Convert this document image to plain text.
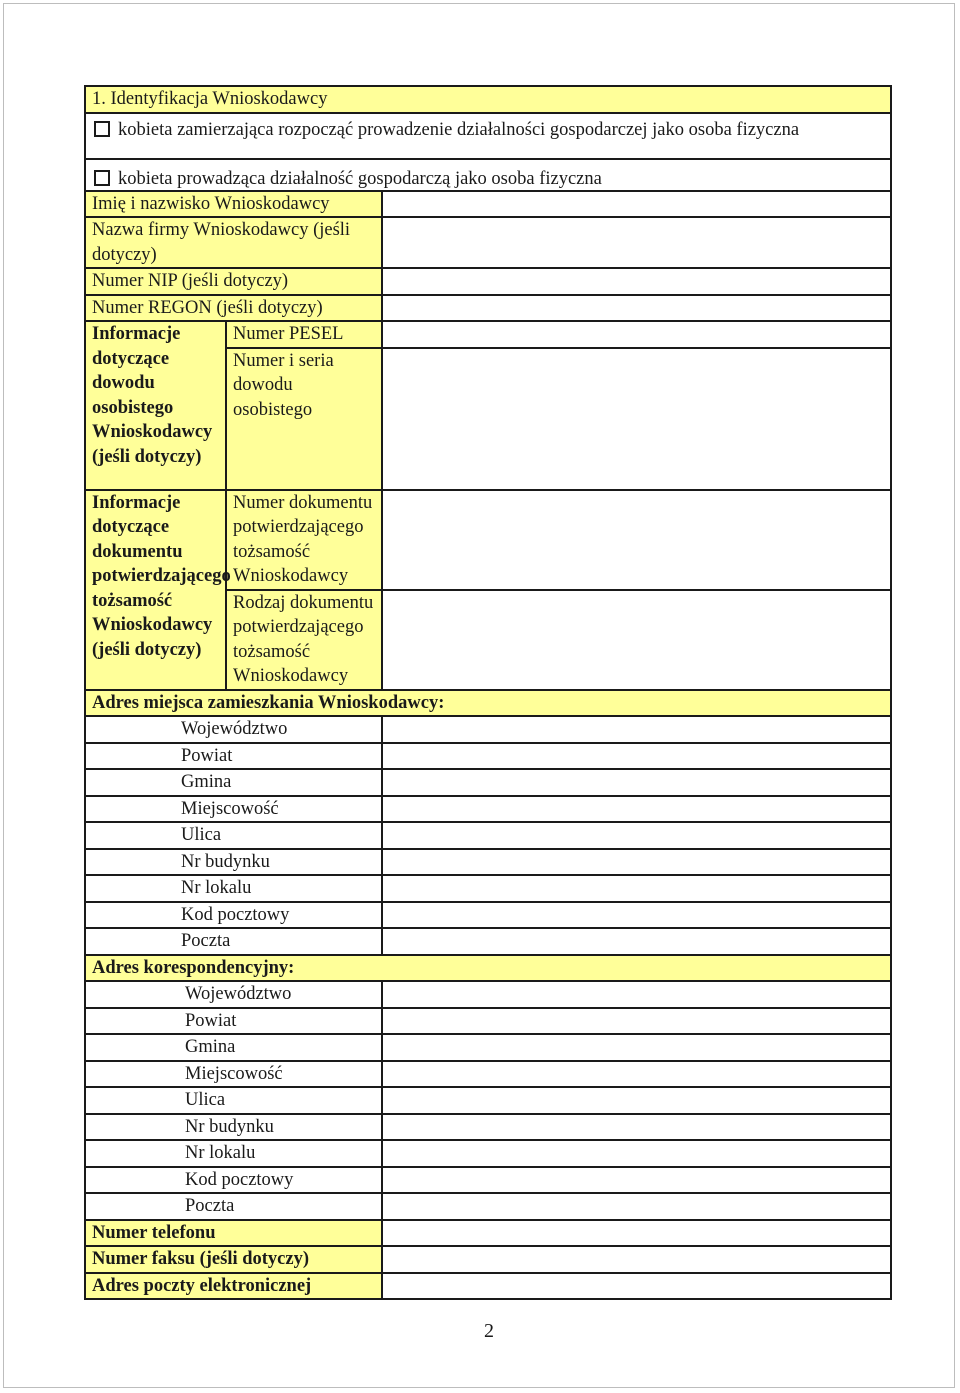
1. Identyfikacja Wnioskodawcy		

kobieta zamierzająca rozpocząć prowadzenie działalności gospodarczej jako osoba fizyczna		

kobieta prowadząca działalność gospodarczą jako osoba fizyczna		

Imię i nazwisko Wnioskodawcy		
Nazwa firmy Wnioskodawcy (jeśli dotyczy)		
Numer NIP (jeśli dotyczy)		
Numer REGON (jeśli dotyczy)		
Informacje dotyczące dowodu osobistego Wnioskodawcy (jeśli dotyczy)	Numer PESEL	
	Numer i seria dowodu osobistego	
Informacje dotyczące dokumentu potwierdzającego tożsamość Wnioskodawcy (jeśli dotyczy)	Numer dokumentu potwierdzającego tożsamość Wnioskodawcy	
	Rodzaj dokumentu potwierdzającego tożsamość Wnioskodawcy	
Adres miejsca zamieszkania Wnioskodawcy:		
Województwo		
Powiat		
Gmina		
Miejscowość		
Ulica		
Nr budynku		
Nr lokalu		
Kod pocztowy		
Poczta		
Adres korespondencyjny:		
Województwo		
Powiat		
Gmina		
Miejscowość		
Ulica		
Nr budynku		
Nr lokalu		
Kod pocztowy		
Poczta		
Numer telefonu		
Numer faksu (jeśli dotyczy)		
Adres poczty elektronicznej		
2
